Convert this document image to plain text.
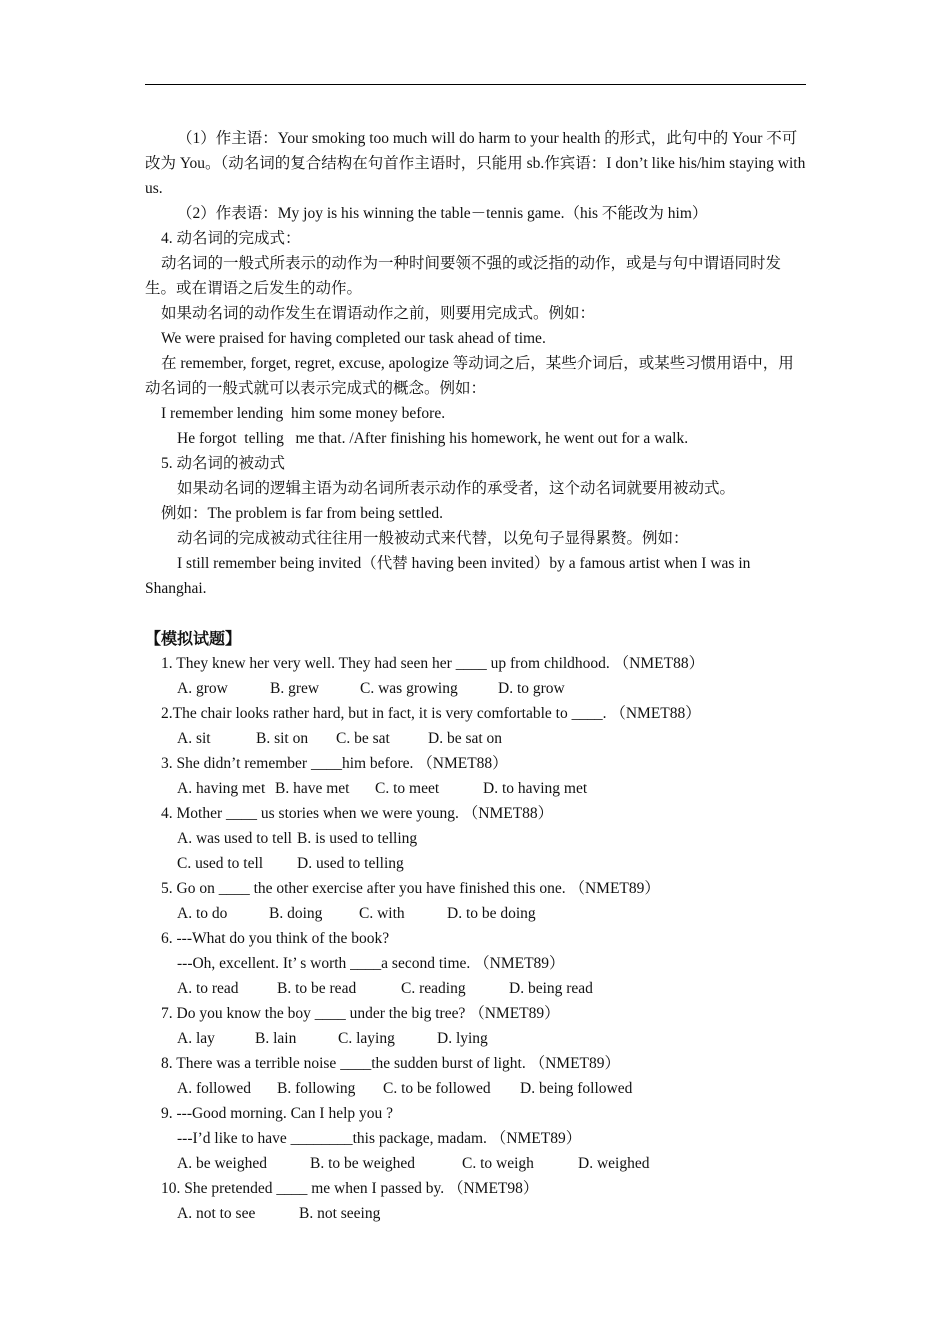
（1）作主语：Your smoking too much will do harm to your health 的形式，此句中的 Your 不可改为 You。（动名词的复合结构在句首作主语时，只能用 sb.作宾语：I don’t like his/him staying with us.

（2）作表语：My joy is his winning the table－tennis game.（his 不能改为 him）

4. 动名词的完成式：

动名词的一般式所表示的动作为一种时间要领不强的或泛指的动作，或是与句中谓语同时发生。或在谓语之后发生的动作。

如果动名词的动作发生在谓语动作之前，则要用完成式。例如：

We were praised for having completed our task ahead of time.

在 remember, forget, regret, excuse, apologize 等动词之后，某些介词后，或某些习惯用语中，用动名词的一般式就可以表示完成式的概念。例如：

I remember lending  him some money before.

He forgot  telling   me that. /After finishing his homework, he went out for a walk.

5. 动名词的被动式

如果动名词的逻辑主语为动名词所表示动作的承受者，这个动名词就要用被动式。

例如：The problem is far from being settled.

动名词的完成被动式往往用一般被动式来代替，以免句子显得累赘。例如：

I still remember being invited（代替 having been invited）by a famous artist when I was in Shanghai.

【模拟试题】

1. They knew her very well. They had seen her ____ up from childhood. （NMET88）

A. grow	B. grew	C. was growing	D. to grow

2.The chair looks rather hard, but in fact, it is very comfortable to ____. （NMET88）

A. sit	B. sit on C. be sat D. be sat on

3. She didn’t remember ____him before. （NMET88）

A. having met B. have met C. to meet	D. to having met

4. Mother ____ us stories when we were young. （NMET88）

A. was used to tell B. is used to telling
C. used to tell D. used to telling

5. Go on ____ the other exercise after you have finished this one. （NMET89）

A. to do	B. doing C. with	D. to be doing

6. ---What do you think of the book?

---Oh, excellent. It’ s worth ____a second time. （NMET89）

A. to read B. to be read	C. reading	D. being read

7. Do you know the boy ____ under the big tree? （NMET89）

A. lay	B. lain	C. laying	D. lying

8. There was a terrible noise ____the sudden burst of light. （NMET89）

A. followed B. following C. to be followed D. being followed

9. ---Good morning. Can I help you ?

---I’d like to have ________this package, madam. （NMET89）

A. be weighed	B. to be weighed	C. to weigh	D. weighed

10. She pretended ____ me when I passed by. （NMET98）

A. not to see	B. not seeing
